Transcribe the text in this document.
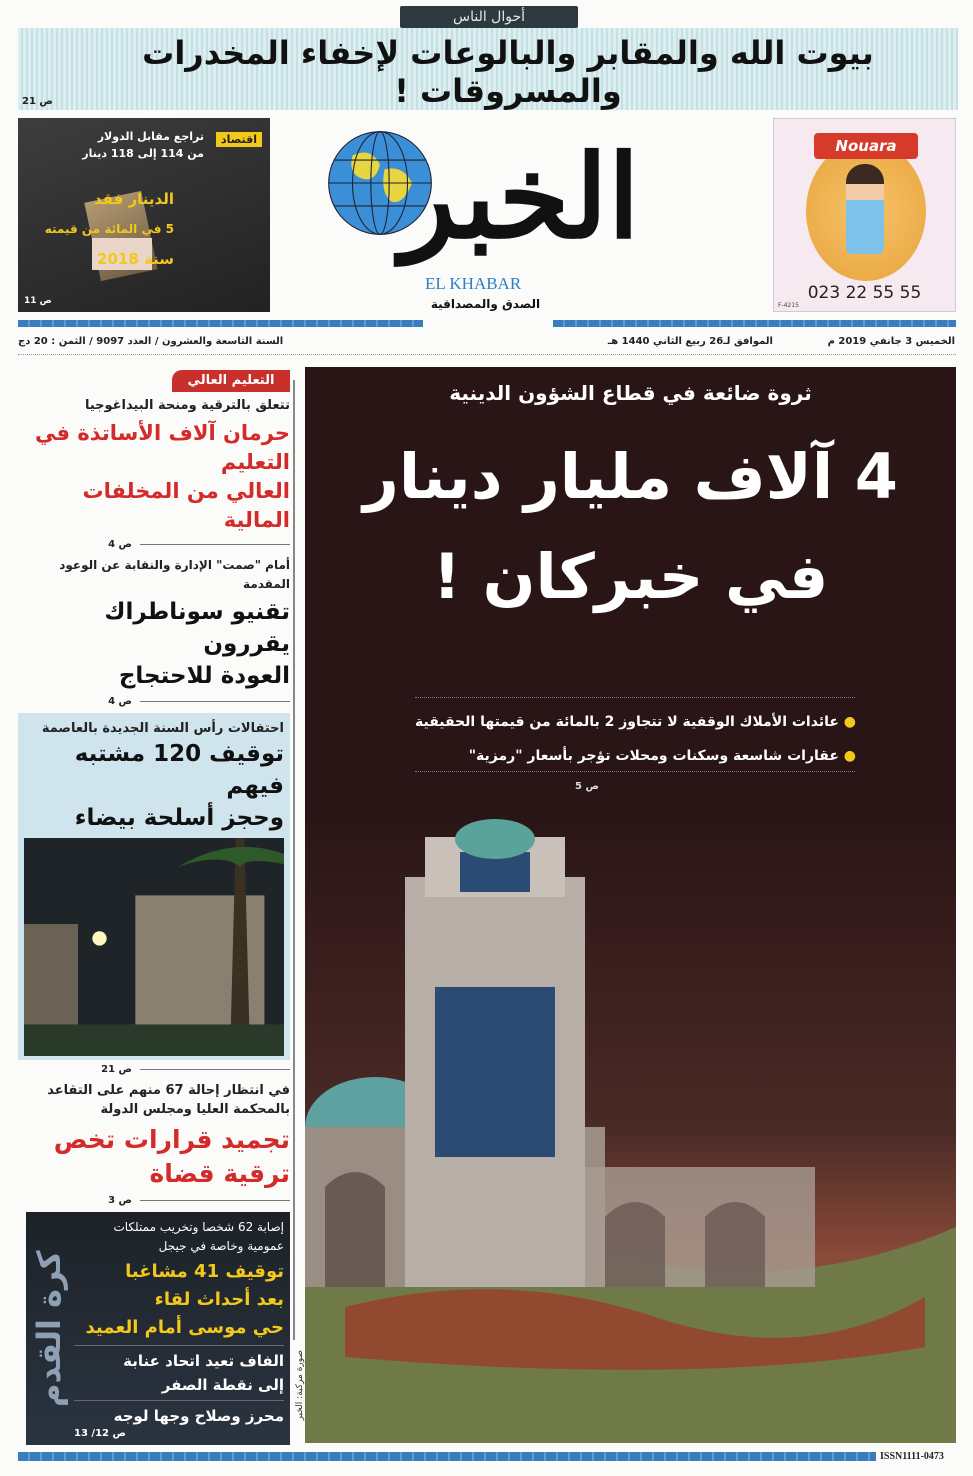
أحوال الناس
بيوت الله والمقابر والبالوعات لإخفاء المخدرات والمسروقات !
ص 21
اقتصاد
تراجع مقابل الدولار
من 114 إلى 118 دينار
الدينار فقد
5 في المائة من قيمته
سنة 2018
ص 11
الخبر
EL KHABAR
الصدق والمصداقية
Nouara
023 22 55 55
F-4215
الخميس 3 جانفي 2019 م
الموافق لـ26 ربيع الثاني 1440 هـ
السنة التاسعة والعشرون / العدد 9097 / الثمن : 20 دج
ثروة ضائعة في قطاع الشؤون الدينية
4 آلاف مليار دينار
في خبركان !
● عائدات الأملاك الوقفية لا تتجاوز 2 بالمائة من قيمتها الحقيقية
● عقارات شاسعة وسكنات ومحلات تؤجر بأسعار "رمزية"
ص 5
صورة مركبة: الخبر
التعليم العالي
تتعلق بالترقية ومنحة البيداغوجيا
حرمان آلاف الأساتذة في التعليم
العالي من المخلفات المالية
ص 4
أمام "صمت" الإدارة والنقابة عن الوعود المقدمة
تقنيو سوناطراك يقررون
العودة للاحتجاج
ص 4
احتفالات رأس السنة الجديدة بالعاصمة
توقيف 120 مشتبه فيهم
وحجز أسلحة بيضاء
ص 21
في انتظار إحالة 67 منهم على التقاعد
بالمحكمة العليا ومجلس الدولة
تجميد قرارات تخص
ترقية قضاة
ص 3
كرة القدم
إصابة 62 شخصا وتخريب ممتلكات
عمومية وخاصة في جيجل
توقيف 41 مشاغبا
بعد أحداث لقاء
حي موسى أمام العميد
الفاف تعيد اتحاد عنابة
إلى نقطة الصفر
محرز وصلاح وجها لوجه
ص 12/ 13
ISSN1111-0473
